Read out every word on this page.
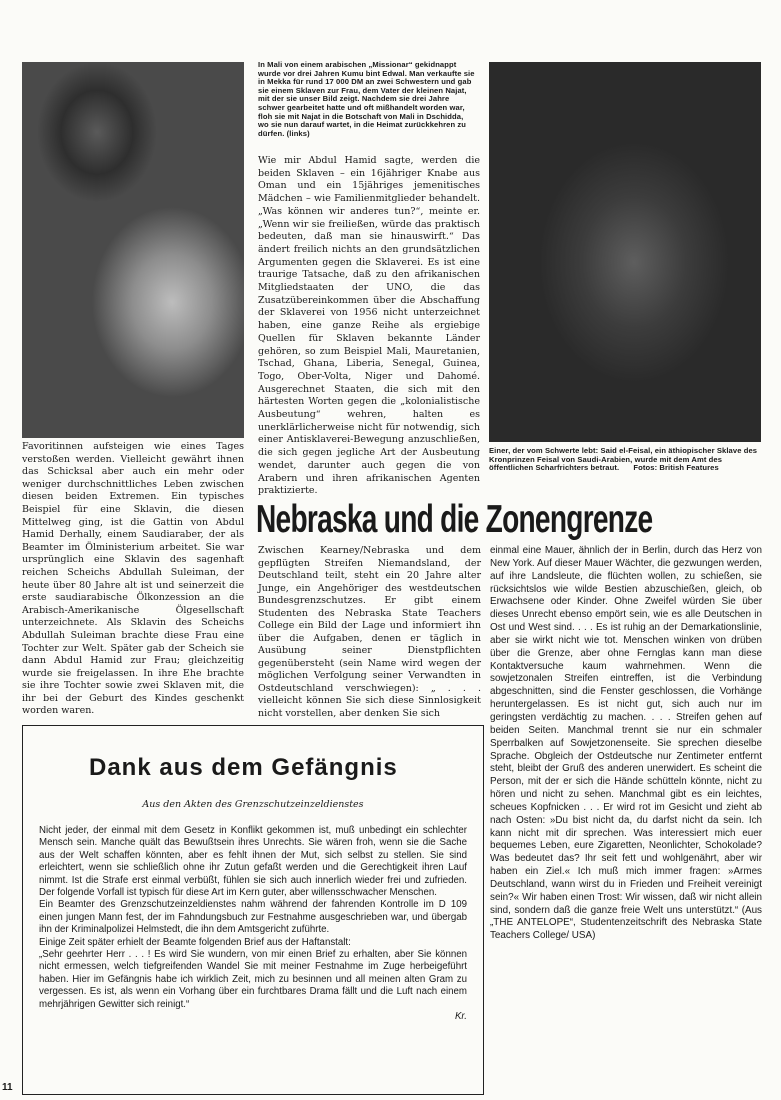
In Mali von einem arabischen „Missionar“ gekidnappt wurde vor drei Jahren Kumu bint Edwal. Man verkaufte sie in Mekka für rund 17 000 DM an zwei Schwestern und gab sie einem Sklaven zur Frau, dem Vater der kleinen Najat, mit der sie unser Bild zeigt. Nachdem sie drei Jahre schwer gearbeitet hatte und oft mißhandelt worden war, floh sie mit Najat in die Botschaft von Mali in Dschidda, wo sie nun darauf wartet, in die Heimat zurückkehren zu dürfen. (links)
Wie mir Abdul Hamid sagte, werden die beiden Sklaven – ein 16jähriger Knabe aus Oman und ein 15jähriges jemenitisches Mädchen – wie Familienmitglieder behandelt. „Was können wir anderes tun?“, meinte er. „Wenn wir sie freiließen, würde das praktisch bedeuten, daß man sie hinauswirft.“ Das ändert freilich nichts an den grundsätzlichen Argumenten gegen die Sklaverei. Es ist eine traurige Tatsache, daß zu den afrikanischen Mitgliedstaaten der UNO, die das Zusatzübereinkommen über die Abschaffung der Sklaverei von 1956 nicht unterzeichnet haben, eine ganze Reihe als ergiebige Quellen für Sklaven bekannte Länder gehören, so zum Beispiel Mali, Mauretanien, Tschad, Ghana, Liberia, Senegal, Guinea, Togo, Ober-Volta, Niger und Dahomé. Ausgerechnet Staaten, die sich mit den härtesten Worten gegen die „kolonialistische Ausbeutung“ wehren, halten es unerklärlicherweise nicht für notwendig, sich einer Antisklaverei-Bewegung anzuschließen, die sich gegen jegliche Art der Ausbeutung wendet, darunter auch gegen die von Arabern und ihren afrikanischen Agenten praktizierte.
Einer, der vom Schwerte lebt: Said el-Feisal, ein äthiopischer Sklave des Kronprinzen Feisal von Saudi-Arabien, wurde mit dem Amt des öffentlichen Scharfrichters betraut. Fotos: British Features
Favoritinnen aufsteigen wie eines Tages verstoßen werden. Vielleicht gewährt ihnen das Schicksal aber auch ein mehr oder weniger durchschnittliches Leben zwischen diesen beiden Extremen. Ein typisches Beispiel für eine Sklavin, die diesen Mittelweg ging, ist die Gattin von Abdul Hamid Derhally, einem Saudiaraber, der als Beamter im Ölministerium arbeitet. Sie war ursprünglich eine Sklavin des sagenhaft reichen Scheichs Abdullah Suleiman, der heute über 80 Jahre alt ist und seinerzeit die erste saudiarabische Ölkonzession an die Arabisch-Amerikanische Ölgesellschaft unterzeichnete. Als Sklavin des Scheichs Abdullah Suleiman brachte diese Frau eine Tochter zur Welt. Später gab der Scheich sie dann Abdul Hamid zur Frau; gleichzeitig wurde sie freigelassen. In ihre Ehe brachte sie ihre Tochter sowie zwei Sklaven mit, die ihr bei der Geburt des Kindes geschenkt worden waren.
Nebraska und die Zonengrenze
Zwischen Kearney/Nebraska und dem gepflügten Streifen Niemandsland, der Deutschland teilt, steht ein 20 Jahre alter Junge, ein Angehöriger des westdeutschen Bundesgrenzschutzes. Er gibt einem Studenten des Nebraska State Teachers College ein Bild der Lage und informiert ihn über die Aufgaben, denen er täglich in Ausübung seiner Dienstpflichten gegenübersteht (sein Name wird wegen der möglichen Verfolgung seiner Verwandten in Ostdeutschland verschwiegen): „ . . . vielleicht können Sie sich diese Sinnlosigkeit nicht vorstellen, aber denken Sie sich
einmal eine Mauer, ähnlich der in Berlin, durch das Herz von New York. Auf dieser Mauer Wächter, die gezwungen werden, auf ihre Landsleute, die flüchten wollen, zu schießen, sie rücksichtslos wie wilde Bestien abzuschießen, gleich, ob Erwachsene oder Kinder. Ohne Zweifel würden Sie über dieses Unrecht ebenso empört sein, wie es alle Deutschen in Ost und West sind. . . . Es ist ruhig an der Demarkationslinie, aber sie wirkt nicht wie tot. Menschen winken von drüben über die Grenze, aber ohne Fernglas kann man diese Kontaktversuche kaum wahrnehmen. Wenn die sowjetzonalen Streifen eintreffen, ist die Verbindung abgeschnitten, sind die Fenster geschlossen, die Vorhänge heruntergelassen. Es ist nicht gut, sich auch nur im geringsten verdächtig zu machen. . . . Streifen gehen auf beiden Seiten. Manchmal trennt sie nur ein schmaler Sperrbalken auf Sowjetzonenseite. Sie sprechen dieselbe Sprache. Obgleich der Ostdeutsche nur Zentimeter entfernt steht, bleibt der Gruß des anderen unerwidert. Es scheint die Person, mit der er sich die Hände schütteln könnte, nicht zu hören und nicht zu sehen. Manchmal gibt es ein leichtes, scheues Kopfnicken . . . Er wird rot im Gesicht und zieht ab nach Osten: »Du bist nicht da, du darfst nicht da sein. Ich kann nicht mit dir sprechen. Was interessiert mich euer bequemes Leben, eure Zigaretten, Neonlichter, Schokolade? Was bedeutet das? Ihr seit fett und wohlgenährt, aber wir haben ein Ziel.« Ich muß mich immer fragen: »Armes Deutschland, wann wirst du in Frieden und Freiheit vereinigt sein?« Wir haben einen Trost: Wir wissen, daß wir nicht allein sind, sondern daß die ganze freie Welt uns unterstützt.“ (Aus „THE ANTELOPE“, Studentenzeitschrift des Nebraska State Teachers College/ USA)
Dank aus dem Gefängnis
Aus den Akten des Grenzschutzeinzeldienstes

Nicht jeder, der einmal mit dem Gesetz in Konflikt gekommen ist, muß unbedingt ein schlechter Mensch sein. Manche quält das Bewußtsein ihres Unrechts. Sie wären froh, wenn sie die Sache aus der Welt schaffen könnten, aber es fehlt ihnen der Mut, sich selbst zu stellen. Sie sind erleichtert, wenn sie schließlich ohne ihr Zutun gefaßt werden und die Gerechtigkeit ihren Lauf nimmt. Ist die Strafe erst einmal verbüßt, fühlen sie sich auch innerlich wieder frei und zufrieden. Der folgende Vorfall ist typisch für diese Art im Kern guter, aber willensschwacher Menschen.

Ein Beamter des Grenzschutzeinzeldienstes nahm während der fahrenden Kontrolle im D 109 einen jungen Mann fest, der im Fahndungsbuch zur Festnahme ausgeschrieben war, und übergab ihn der Kriminalpolizei Helmstedt, die ihn dem Amtsgericht zuführte.

Einige Zeit später erhielt der Beamte folgenden Brief aus der Haftanstalt:

„Sehr geehrter Herr . . . ! Es wird Sie wundern, von mir einen Brief zu erhalten, aber Sie können nicht ermessen, welch tiefgreifenden Wandel Sie mit meiner Festnahme im Zuge herbeigeführt haben. Hier im Gefängnis habe ich wirklich Zeit, mich zu besinnen und all meinen alten Gram zu vergessen. Es ist, als wenn ein Vorhang über ein furchtbares Drama fällt und die Luft nach einem mehrjährigen Gewitter sich reinigt.“

Kr.

11
